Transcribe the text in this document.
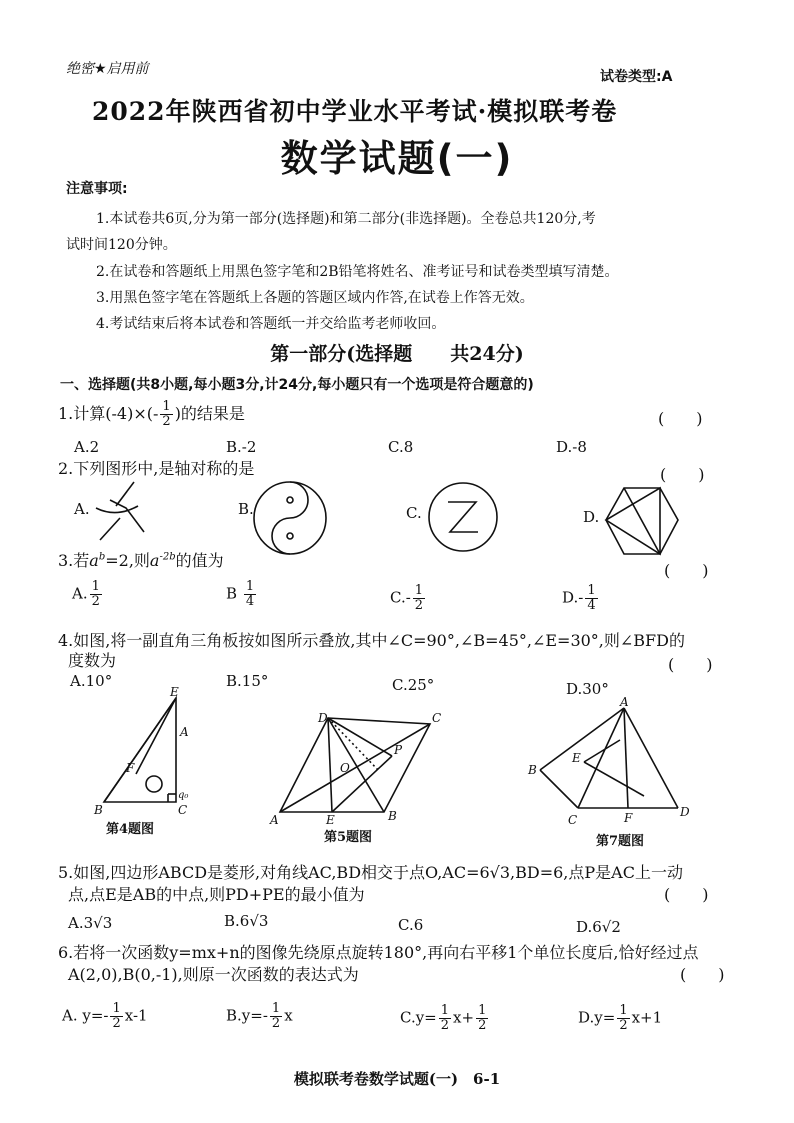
绝密★启用前	试卷类型:A
2022年陕西省初中学业水平考试·模拟联考卷
数学试题(一)
注意事项:
1.本试卷共6页,分为第一部分(选择题)和第二部分(非选择题)。全卷总共120分,考
试时间120分钟。
2.在试卷和答题纸上用黑色签字笔和2B铅笔将姓名、准考证号和试卷类型填写清楚。
3.用黑色签字笔在答题纸上各题的答题区域内作答,在试卷上作答无效。
4.考试结束后将本试卷和答题纸一并交给监考老师收回。
第一部分(选择题　　共24分)
一、选择题(共8小题,每小题3分,计24分,每小题只有一个选项是符合题意的)
1.计算$(-4)\times(- \frac{1}{2}$ )的结果是	(　　)
A.2	B.-2	C.8	D.-8
2.下列图形中,是轴对称的是	(　　)
A.	B.	C.	D.
3.若$a^b=2$,则$a^{-2b}$的值为
(　　)
A. $\frac{1}{2}$	B $\frac{1}{4}$	$C.- \frac{1}{2}$	$D.- \frac{1}{4}$
4.如图,将一副直角三角板按如图所示叠放,其中∠C=90°,∠B=45°,∠E=30°,则∠BFD的
度数为	(　　)
A.10°	B.15°	C.25°	D.30°
E
A
F
B	C
q₀
第4题图
D	C
P
O
A	E	B
第5题图
A
E
B
C	F	D
第7题图
5.如图,四边形ABCD是菱形,对角线AC,BD相交于点O,AC=6√3,BD=6,点P是AC上一动
点,点E是AB的中点,则PD+PE的最小值为	(　　)
A.3√3	B.6√3	C.6	D.6√2
6.若将一次函数y=mx+n的图像先绕原点旋转180°,再向右平移1个单位长度后,恰好经过点
A(2,0),B(0,-1),则原一次函数的表达式为	(　　)
A. $y=- \frac{1}{2} x-1$	$B.y=- \frac{1}{2}$ x	$C.y= \frac{1}{2} x+ \frac{1}{2}$	$D.y= \frac{1}{2} x+1$
模拟联考卷数学试题(一)　6-1
